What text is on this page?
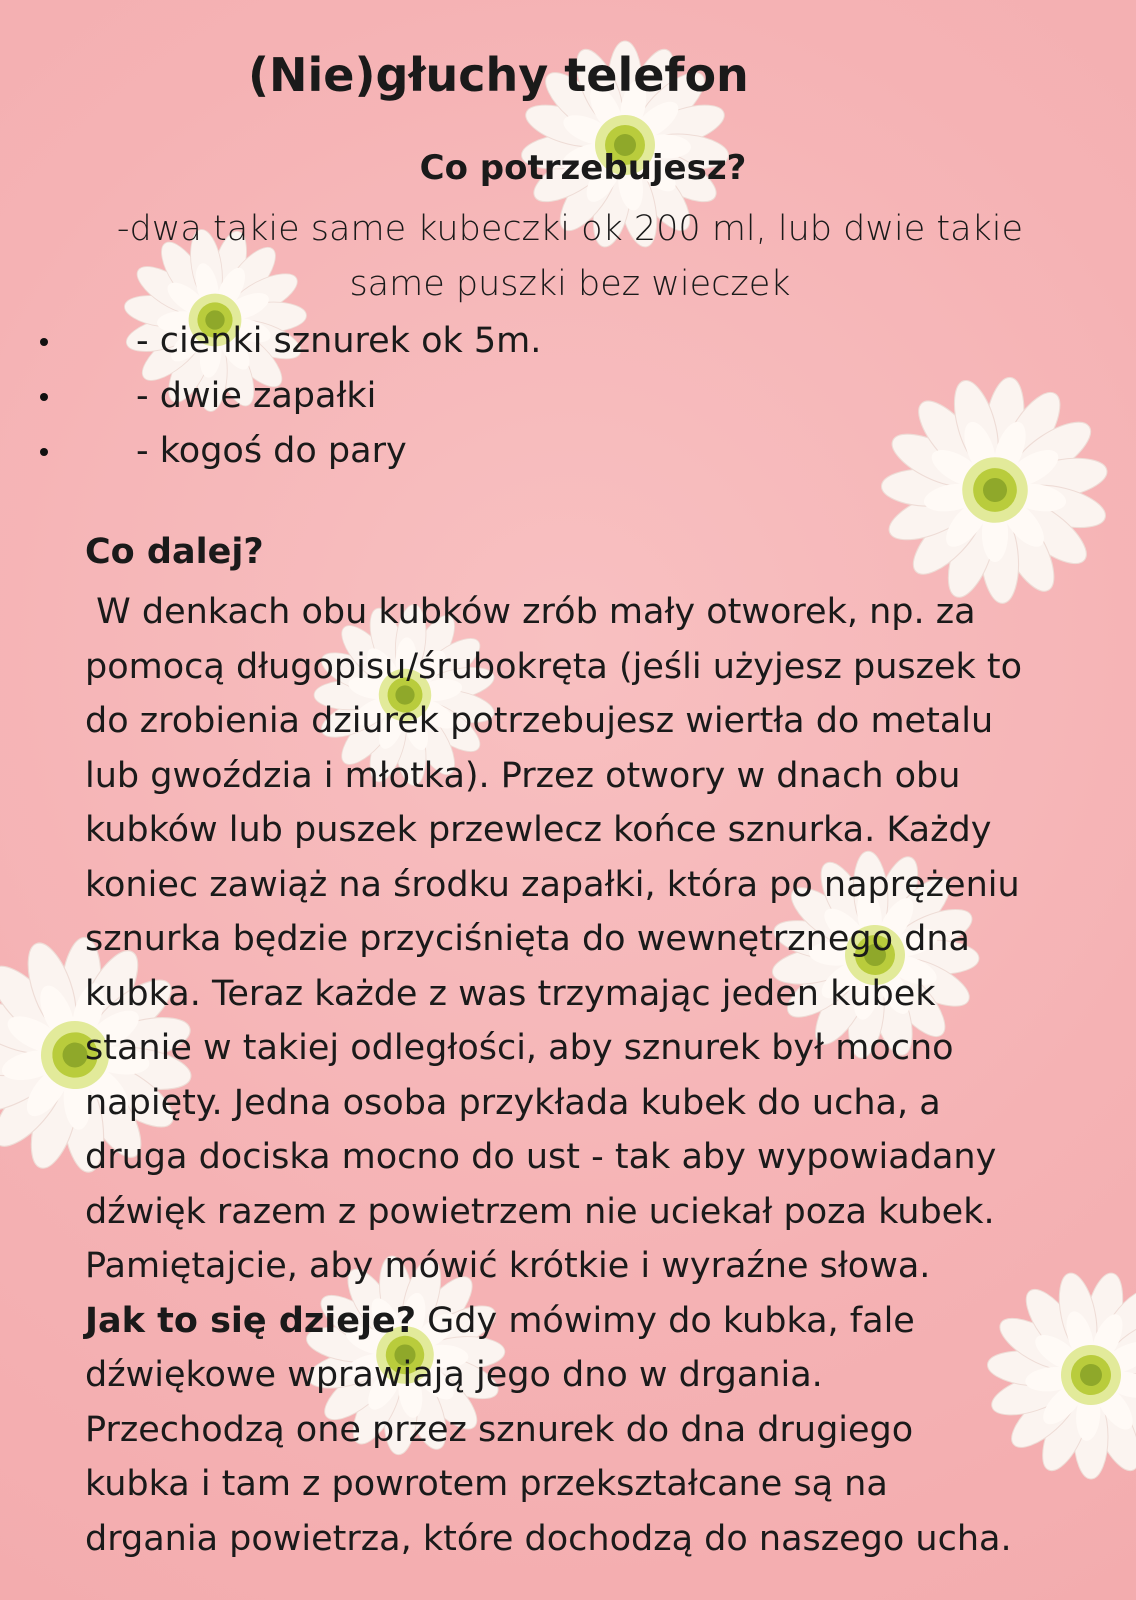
(Nie)głuchy telefon
Co potrzebujesz?
-dwa takie same kubeczki ok 200 ml, lub dwie takie
same puszki bez wieczek
- cienki sznurek ok 5m.
- dwie zapałki
- kogoś do pary
Co dalej?

W denkach obu kubków zrób mały otworek, np. za
pomocą długopisu/śrubokręta (jeśli użyjesz puszek to
do zrobienia dziurek potrzebujesz wiertła do metalu
lub gwoździa i młotka). Przez otwory w dnach obu
kubków lub puszek przewlecz końce sznurka. Każdy
koniec zawiąż na środku zapałki, która po naprężeniu
sznurka będzie przyciśnięta do wewnętrznego dna
kubka. Teraz każde z was trzymając jeden kubek
stanie w takiej odległości, aby sznurek był mocno
napięty. Jedna osoba przykłada kubek do ucha, a
druga dociska mocno do ust - tak aby wypowiadany
dźwięk razem z powietrzem nie uciekał poza kubek.
Pamiętajcie, aby mówić krótkie i wyraźne słowa.
Jak to się dzieje? Gdy mówimy do kubka, fale
dźwiękowe wprawiają jego dno w drgania.
Przechodzą one przez sznurek do dna drugiego
kubka i tam z powrotem przekształcane są na
drgania powietrza, które dochodzą do naszego ucha.
